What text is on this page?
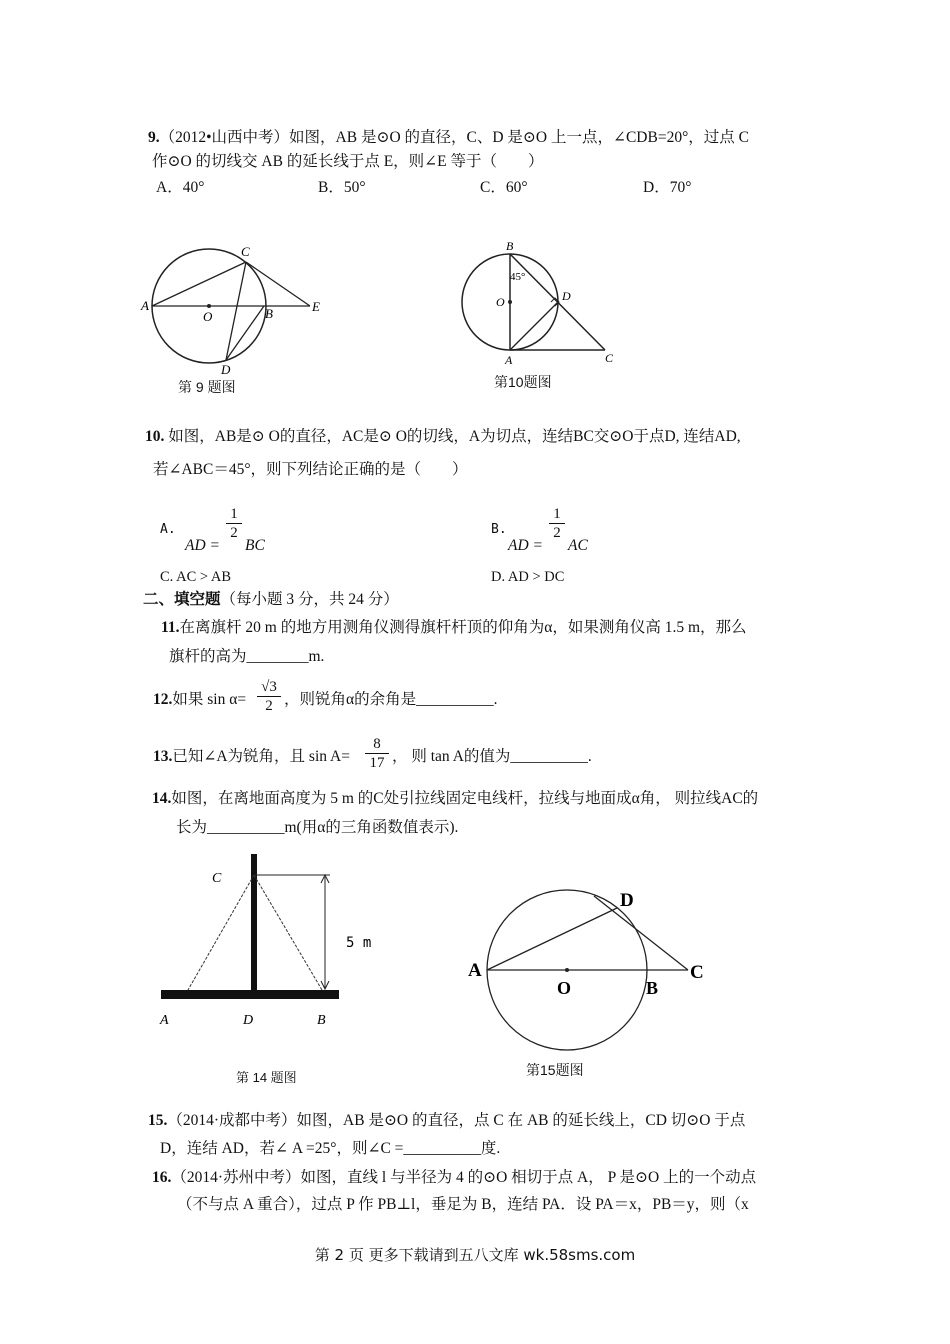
9.（2012•山西中考）如图，AB 是⊙O 的直径，C、D 是⊙O 上一点，∠CDB=20°，过点 C
作⊙O 的切线交 AB 的延长线于点 E，则∠E 等于（　　）
A．40°	B．50°	C．60°	D．70°
A
O	B
C
D
E
第 9 题图
B
45°
O	D
A	C
第10题图
10. 如图，AB是⊙ O的直径，AC是⊙ O的切线，A为切点，连结BC交⊙O于点D, 连结AD,
若∠ABC＝45°，则下列结论正确的是（　　）
A.
AD =
$\frac{1}{2}$
BC
B.
AD =
$\frac{1}{2}$
AC
C. AC > AB	D. AD > DC
二、填空题（每小题 3 分，共 24 分）
11.在离旗杆 20 m 的地方用测角仪测得旗杆杆顶的仰角为α，如果测角仪高 1.5 m，那么
旗杆的高为________m.
12.如果 $\sin \alpha= \frac{√3}{2}$ ，则锐角α的余角是__________.
13.已知∠A为锐角，且 $\sin A= \frac{8}{17}$ ， 则 tan A的值为__________.
14.如图，在离地面高度为 5 m 的C处引拉线固定电线杆，拉线与地面成α角， 则拉线AC的
长为__________m(用α的三角函数值表示).
C
5 m
A	D	B
第 14 题图
A
O	B
C
D
第15题图
15.（2014·成都中考）如图，AB 是⊙O 的直径，点 C 在 AB 的延长线上，CD 切⊙O 于点
D，连结 AD，若∠ A =25°，则∠C =__________度.
16.（2014·苏州中考）如图，直线 l 与半径为 4 的⊙O 相切于点 A， P 是⊙O 上的一个动点
（不与点 A 重合），过点 P 作 PB⊥l，垂足为 B，连结 PA．设 PA＝x，PB＝y，则（x
第 2 页 更多下载请到五八文库 wk.58sms.com
